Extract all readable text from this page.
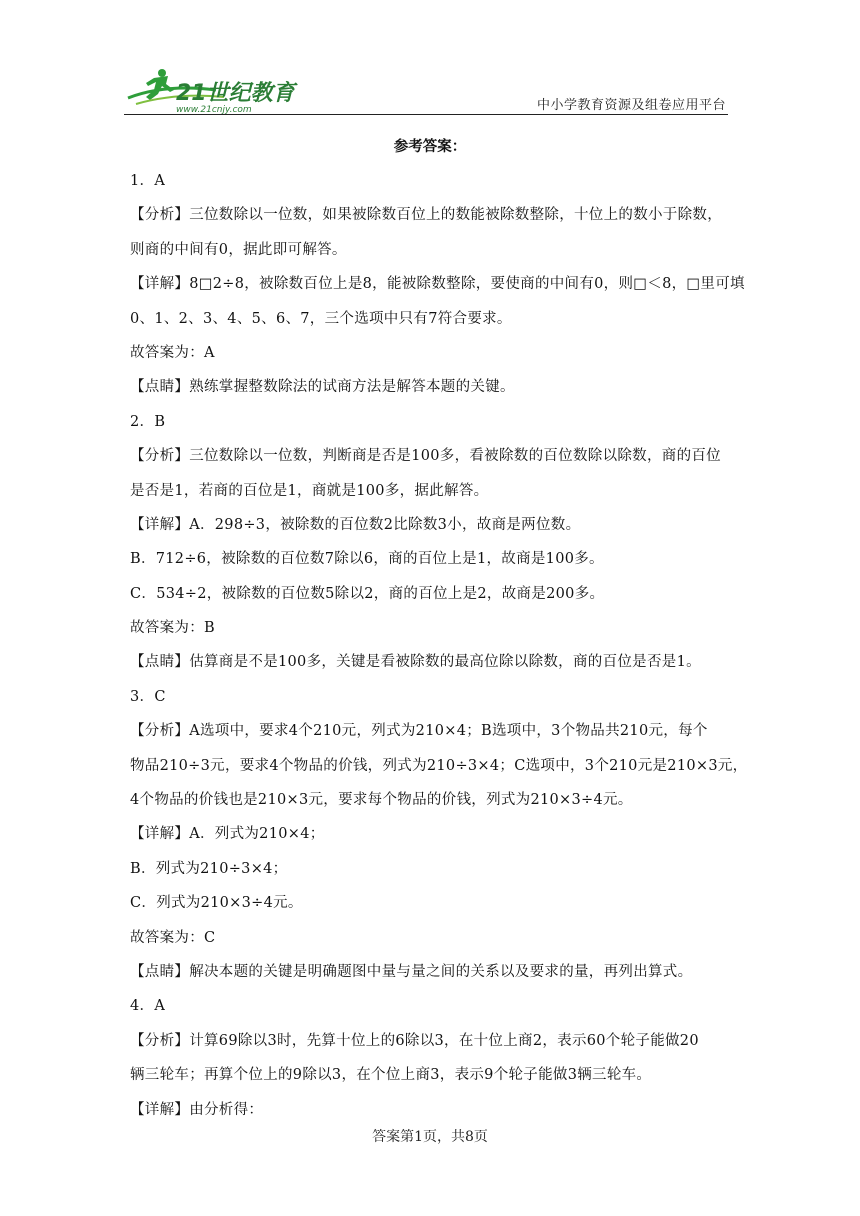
21世纪教育
www.21cnjy.com	中小学教育资源及组卷应用平台
参考答案：
1．A
【分析】三位数除以一位数，如果被除数百位上的数能被除数整除，十位上的数小于除数，
则商的中间有0，据此即可解答。
【详解】8□2÷8，被除数百位上是8，能被除数整除，要使商的中间有0，则□＜8，□里可填
0、1、2、3、4、5、6、7，三个选项中只有7符合要求。
故答案为：A
【点睛】熟练掌握整数除法的试商方法是解答本题的关键。
2．B
【分析】三位数除以一位数，判断商是否是100多，看被除数的百位数除以除数，商的百位
是否是1，若商的百位是1，商就是100多，据此解答。
【详解】A．298÷3，被除数的百位数2比除数3小，故商是两位数。
B．712÷6，被除数的百位数7除以6，商的百位上是1，故商是100多。
C．534÷2，被除数的百位数5除以2，商的百位上是2，故商是200多。
故答案为：B
【点睛】估算商是不是100多，关键是看被除数的最高位除以除数，商的百位是否是1。
3．C
【分析】A选项中，要求4个210元，列式为210×4；B选项中，3个物品共210元，每个
物品210÷3元，要求4个物品的价钱，列式为210÷3×4；C选项中，3个210元是210×3元，
4个物品的价钱也是210×3元，要求每个物品的价钱，列式为210×3÷4元。
【详解】A．列式为210×4；
B．列式为210÷3×4；
C．列式为210×3÷4元。
故答案为：C
【点睛】解决本题的关键是明确题图中量与量之间的关系以及要求的量，再列出算式。
4．A
【分析】计算69除以3时，先算十位上的6除以3，在十位上商2，表示60个轮子能做20
辆三轮车；再算个位上的9除以3，在个位上商3，表示9个轮子能做3辆三轮车。
【详解】由分析得：
答案第1页，共8页
